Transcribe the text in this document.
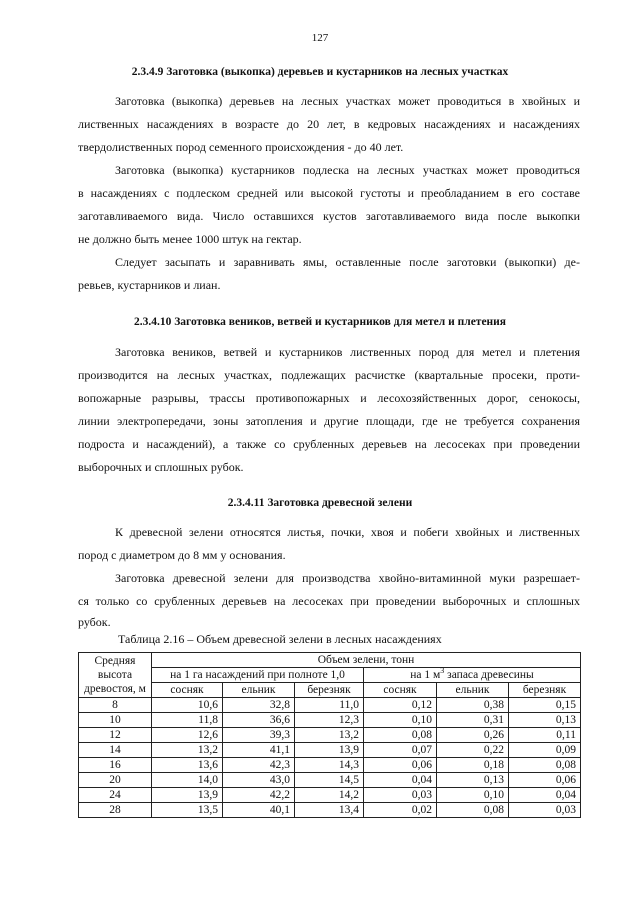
127
2.3.4.9 Заготовка (выкопка) деревьев и кустарников на лесных участках
Заготовка (выкопка) деревьев на лесных участках может проводиться в хвойных и
лиственных насаждениях в возрасте до 20 лет, в кедровых насаждениях и насаждениях
твердолиственных пород семенного происхождения - до 40 лет.
Заготовка (выкопка) кустарников подлеска на лесных участках может проводиться
в насаждениях с подлеском средней или высокой густоты и преобладанием в его составе
заготавливаемого вида. Число оставшихся кустов заготавливаемого вида после выкопки
не должно быть менее 1000 штук на гектар.
Следует засыпать и заравнивать ямы, оставленные после заготовки (выкопки) де-
ревьев, кустарников и лиан.
2.3.4.10 Заготовка веников, ветвей и кустарников для метел и плетения
Заготовка веников, ветвей и кустарников лиственных пород для метел и плетения
производится на лесных участках, подлежащих расчистке (квартальные просеки, проти-
вопожарные разрывы, трассы противопожарных и лесохозяйственных дорог, сенокосы,
линии электропередачи, зоны затопления и другие площади, где не требуется сохранения
подроста и насаждений), а также со срубленных деревьев на лесосеках при проведении
выборочных и сплошных рубок.
2.3.4.11 Заготовка древесной зелени
К древесной зелени относятся листья, почки, хвоя и побеги хвойных и лиственных
пород с диаметром до 8 мм у основания.
Заготовка древесной зелени для производства хвойно-витаминной муки разрешает-
ся только со срубленных деревьев на лесосеках при проведении выборочных и сплошных
рубок.
Таблица 2.16 – Объем древесной зелени в лесных насаждениях
Средняя высота древостоя, м	Объем зелени, тонн					
	на 1 га насаждений при полноте 1,0			на 1 $м^3$ запаса древесины		
	сосняк	ельник	березняк	сосняк	ельник	березняк
8	10,6	32,8	11,0	0,12	0,38	0,15
10	11,8	36,6	12,3	0,10	0,31	0,13
12	12,6	39,3	13,2	0,08	0,26	0,11
14	13,2	41,1	13,9	0,07	0,22	0,09
16	13,6	42,3	14,3	0,06	0,18	0,08
20	14,0	43,0	14,5	0,04	0,13	0,06
24	13,9	42,2	14,2	0,03	0,10	0,04
28	13,5	40,1	13,4	0,02	0,08	0,03
